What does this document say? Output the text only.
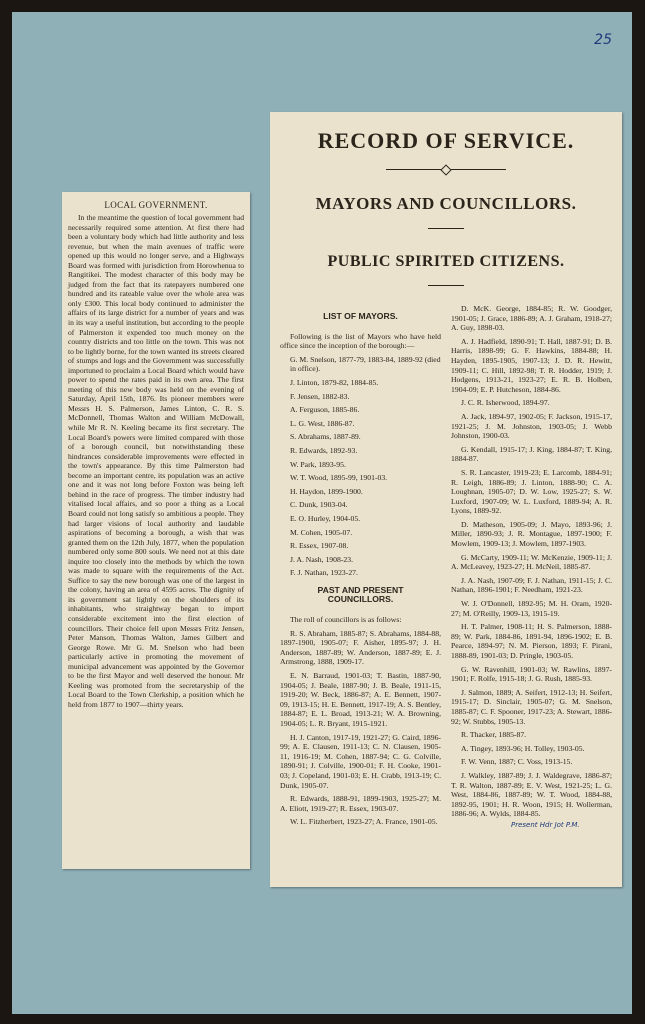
25
LOCAL GOVERNMENT.

In the meantime the question of local government had necessarily required some attention. At first there had been a voluntary body which had little authority and less revenue, but when the main avenues of traffic were opened up this would no longer serve, and a Highways Board was formed with jurisdiction from Horowhenua to Rangitikei. The modest character of this body may be judged from the fact that its ratepayers numbered one hundred and its rateable value over the whole area was only £300. This local body continued to administer the affairs of its large district for a number of years and was in its way a useful institution, but according to the people of Palmerston it expended too much money on the country districts and too little on the town. This was not to be lightly borne, for the town wanted its streets cleared of stumps and logs and the Government was successfully importuned to proclaim a Local Board which would have power to spend the rates paid in its own area. The first meeting of this new body was held on the evening of Saturday, April 15th, 1876. Its pioneer members were Messrs H. S. Palmerson, James Linton, C. R. S. McDonnell, Thomas Walton and William McDowall, while Mr R. N. Keeling became its first secretary. The Local Board's powers were limited compared with those of a borough council, but notwithstanding these hindrances considerable improvements were effected in the town's appearance. By this time Palmerston had become an important centre, its population was an active one and it was not long before Foxton was being left behind in the race of progress. The timber industry had vitalised local affairs, and so poor a thing as a Local Board could not long satisfy so ambitious a people. They had larger visions of local authority and laudable aspirations of becoming a borough, a wish that was granted them on the 12th July, 1877, when the population numbered only some 800 souls. We need not at this date inquire too closely into the methods by which the town was made to square with the requirements of the Act. Suffice to say the new borough was one of the largest in the colony, having an area of 4595 acres. The dignity of its government sat lightly on the shoulders of its inhabitants, who straightway began to import considerable excitement into the first election of councillors. Their choice fell upon Messrs Fritz Jensen, Peter Manson, Thomas Walton, James Gilbert and George Rowe. Mr G. M. Snelson who had been particularly active in promoting the movement of municipal advancement was appointed by the Governor to be the first Mayor and well deserved the honour. Mr Keeling was promoted from the secretaryship of the Local Board to the Town Clerkship, a position which he held from 1877 to 1907—thirty years.

RECORD OF SERVICE.
MAYORS AND COUNCILLORS.
PUBLIC SPIRITED CITIZENS.
LIST OF MAYORS.

Following is the list of Mayors who have held office since the inception of the borough:—

G. M. Snelson, 1877-79, 1883-84, 1889-92 (died in office).

J. Linton, 1879-82, 1884-85.

F. Jensen, 1882-83.

A. Ferguson, 1885-86.

L. G. West, 1886-87.

S. Abrahams, 1887-89.

R. Edwards, 1892-93.

W. Park, 1893-95.

W. T. Wood, 1895-99, 1901-03.

H. Haydon, 1899-1900.

C. Dunk, 1903-04.

E. O. Hurley, 1904-05.

M. Cohen, 1905-07.

R. Essex, 1907-08.

J. A. Nash, 1908-23.

F. J. Nathan, 1923-27.

PAST AND PRESENT
COUNCILLORS.

The roll of councillors is as follows:

R. S. Abraham, 1885-87; S. Abrahams, 1884-88, 1897-1900, 1905-07; F. Aisher, 1895-97; J. H. Anderson, 1887-89; W. Anderson, 1887-89; E. J. Armstrong, 1888, 1909-17.

E. N. Barraud, 1901-03; T. Bastin, 1887-90, 1904-05; J. Beale, 1887-90; J. B. Beale, 1911-15, 1919-20; W. Beck, 1886-87; A. E. Bennett, 1907-09, 1913-15; H. E. Bennett, 1917-19; A. S. Bentley, 1884-87; E. L. Broad, 1913-21; W. A. Browning, 1904-05; L. R. Bryant, 1915-1921.

H. J. Canton, 1917-19, 1921-27; G. Caird, 1896-99; A. E. Clausen, 1911-13; C. N. Clausen, 1905-11, 1916-19; M. Cohen, 1887-94; C. G. Colville, 1890-91; J. Colville, 1900-01; F. H. Cooke, 1901-03; J. Copeland, 1901-03; E. H. Crabb, 1913-19; C. Dunk, 1905-07.

R. Edwards, 1888-91, 1899-1903, 1925-27; M. A. Eliott, 1919-27; R. Essex, 1903-07.

W. L. Fitzherbert, 1923-27; A. France, 1901-05.

D. McK. George, 1884-85; R. W. Goodger, 1901-05; J. Grace, 1886-89; A. J. Graham, 1918-27; A. Guy, 1898-03.

A. J. Hadfield, 1890-91; T. Hall, 1887-91; D. B. Harris, 1898-99; G. F. Hawkins, 1884-88; H. Hayden, 1895-1905, 1907-13; J. D. R. Hewitt, 1909-11; C. Hill, 1892-98; T. R. Hodder, 1919; J. Hodgens, 1913-21, 1923-27; E. R. B. Holben, 1904-09; E. P. Hutcheson, 1884-86.

J. C. R. Isherwood, 1894-97.

A. Jack, 1894-97, 1902-05; F. Jackson, 1915-17, 1921-25; J. M. Johnston, 1903-05; J. Webb Johnston, 1900-03.

G. Kendall, 1915-17; J. King, 1884-87; T. King, 1884-87.

S. R. Lancaster, 1919-23; E. Larcomb, 1884-91; R. Leigh, 1886-89; J. Linton, 1888-90; C. A. Loughnan, 1905-07; D. W. Low, 1925-27; S. W. Luxford, 1907-09; W. L. Luxford, 1889-94; A. R. Lyons, 1889-92.

D. Matheson, 1905-09; J. Mayo, 1893-96; J. Miller, 1890-93; J. R. Montague, 1897-1900; F. Mowlem, 1909-13; J. Mowlem, 1897-1903.

G. McCarty, 1909-11; W. McKenzie, 1909-11; J. A. McLeavey, 1923-27; H. McNeil, 1885-87.

J. A. Nash, 1907-09; F. J. Nathan, 1911-15; J. C. Nathan, 1896-1901; F. Needham, 1921-23.

W. J. O'Donnell, 1892-95; M. H. Oram, 1920-27; M. O'Reilly, 1909-13, 1915-19.

H. T. Palmer, 1908-11; H. S. Palmerson, 1888-89; W. Park, 1884-86, 1891-94, 1896-1902; E. B. Pearce, 1894-97; N. M. Pierson, 1893; F. Pirani, 1888-89, 1901-03; D. Pringle, 1903-05.

G. W. Ravenhill, 1901-03; W. Rawlins, 1897-1901; F. Rolfe, 1915-18; J. G. Rush, 1885-93.

J. Salmon, 1889; A. Seifert, 1912-13; H. Seifert, 1915-17; D. Sinclair, 1905-07; G. M. Snelson, 1885-87; C. F. Spooner, 1917-23; A. Stewart, 1886-92; W. Stubbs, 1905-13.

R. Thacker, 1885-87.

A. Tingey, 1893-96; H. Tolley, 1903-05.

F. W. Venn, 1887; C. Voss, 1913-15.

J. Walkley, 1887-89; J. J. Waldegrave, 1886-87; T. R. Walton, 1887-89; E. V. West, 1921-25; L. G. West, 1884-86, 1887-89; W. T. Wood, 1884-88, 1892-95, 1901; H. R. Woon, 1915; H. Wollerman, 1886-96; A. Wylds, 1884-85.

Present Hdr Jot P.M.
